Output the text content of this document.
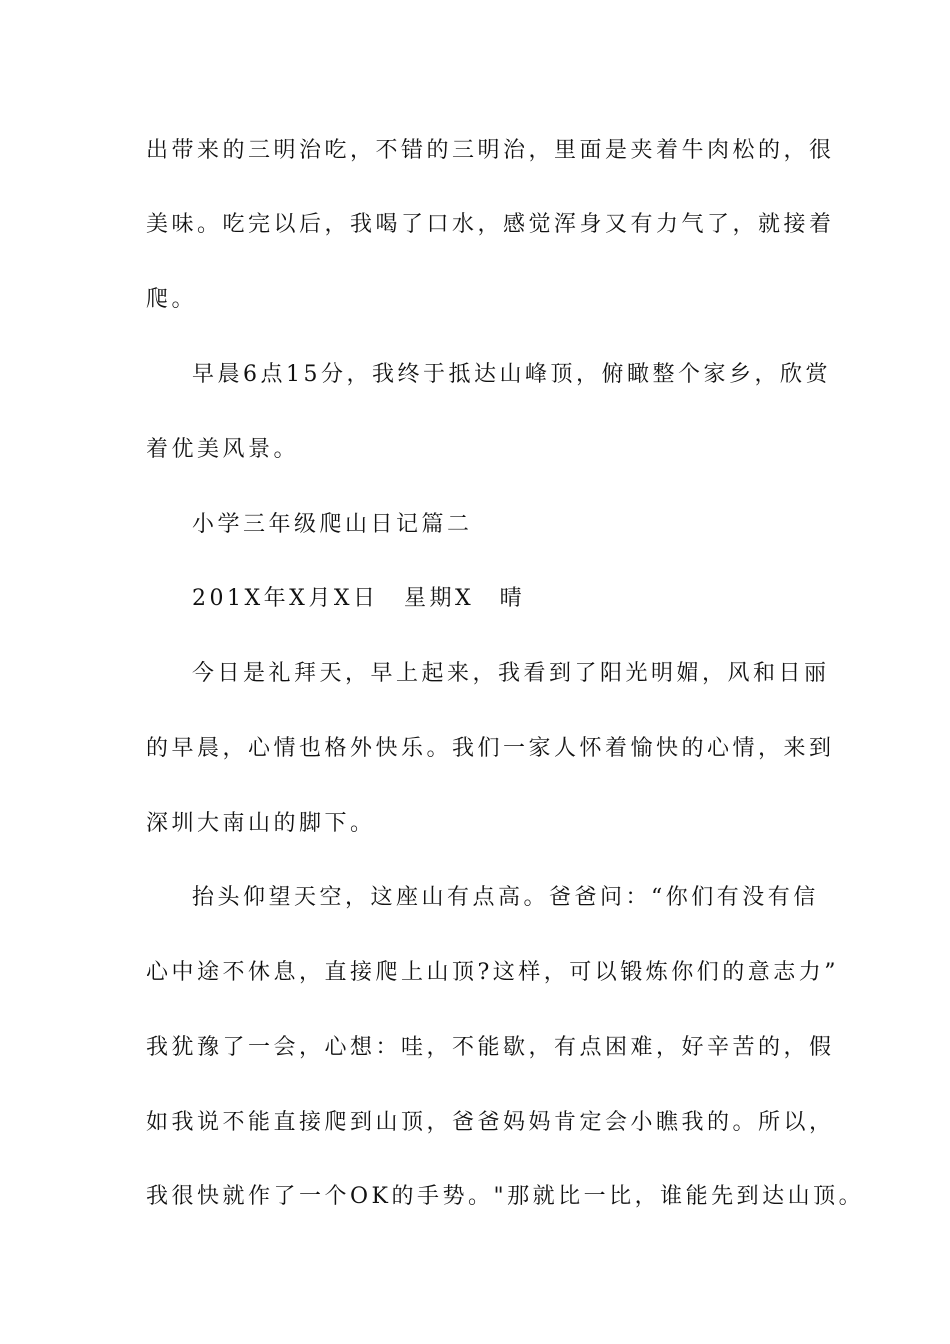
出带来的三明治吃，不错的三明治，里面是夹着牛肉松的，很
美味。吃完以后，我喝了口水，感觉浑身又有力气了，就接着
爬。
早晨6点15分，我终于抵达山峰顶，俯瞰整个家乡，欣赏
着优美风景。
小学三年级爬山日记篇二
201X年X月X日　星期X　晴
今日是礼拜天，早上起来，我看到了阳光明媚，风和日丽
的早晨，心情也格外快乐。我们一家人怀着愉快的心情，来到
深圳大南山的脚下。
抬头仰望天空，这座山有点高。爸爸问：“你们有没有信
心中途不休息，直接爬上山顶?这样，可以锻炼你们的意志力”
我犹豫了一会，心想：哇，不能歇，有点困难，好辛苦的，假
如我说不能直接爬到山顶，爸爸妈妈肯定会小瞧我的。所以，
我很快就作了一个OK的手势。"那就比一比，谁能先到达山顶。
